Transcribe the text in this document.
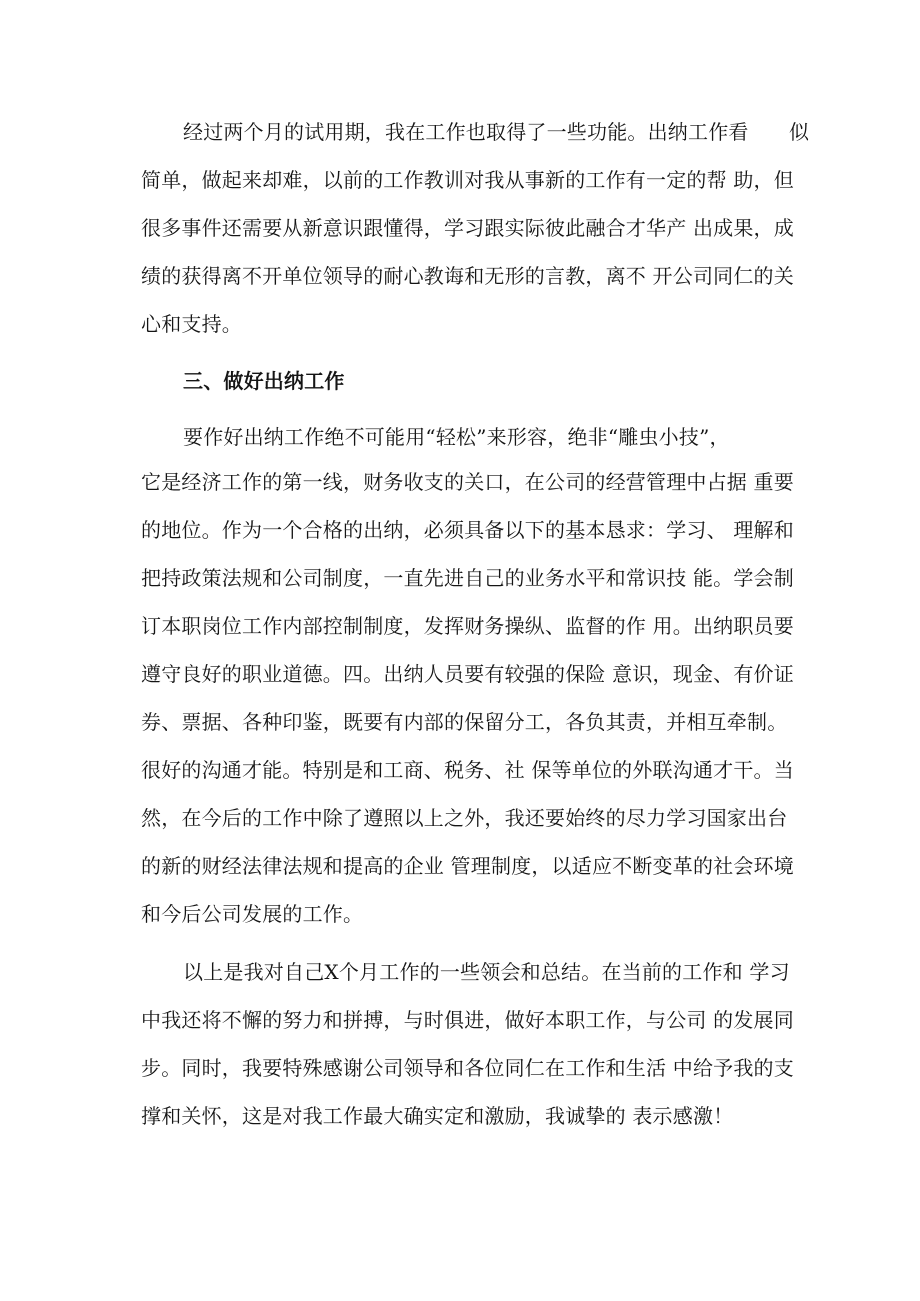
经过两个月的试用期，我在工作也取得了一些功能。出纳工作看　　似
简单，做起来却难，以前的工作教训对我从事新的工作有一定的帮 助，但
很多事件还需要从新意识跟懂得，学习跟实际彼此融合才华产 出成果，成
绩的获得离不开单位领导的耐心教诲和无形的言教，离不 开公司同仁的关
心和支持。
三、做好出纳工作
要作好出纳工作绝不可能用“轻松”来形容，绝非“雕虫小技”，
它是经济工作的第一线，财务收支的关口，在公司的经营管理中占据 重要
的地位。作为一个合格的出纳，必须具备以下的基本恳求：学习、 理解和
把持政策法规和公司制度，一直先进自己的业务水平和常识技 能。学会制
订本职岗位工作内部控制制度，发挥财务操纵、监督的作 用。出纳职员要
遵守良好的职业道德。四。出纳人员要有较强的保险 意识，现金、有价证
券、票据、各种印鉴，既要有内部的保留分工，各负其责，并相互牵制。
很好的沟通才能。特别是和工商、税务、社 保等单位的外联沟通才干。当
然，在今后的工作中除了遵照以上之外，我还要始终的尽力学习国家出台
的新的财经法律法规和提高的企业 管理制度，以适应不断变革的社会环境
和今后公司发展的工作。
以上是我对自己X个月工作的一些领会和总结。在当前的工作和 学习
中我还将不懈的努力和拼搏，与时俱进，做好本职工作，与公司 的发展同
步。同时，我要特殊感谢公司领导和各位同仁在工作和生活 中给予我的支
撑和关怀，这是对我工作最大确实定和激励，我诚挚的 表示感激！
